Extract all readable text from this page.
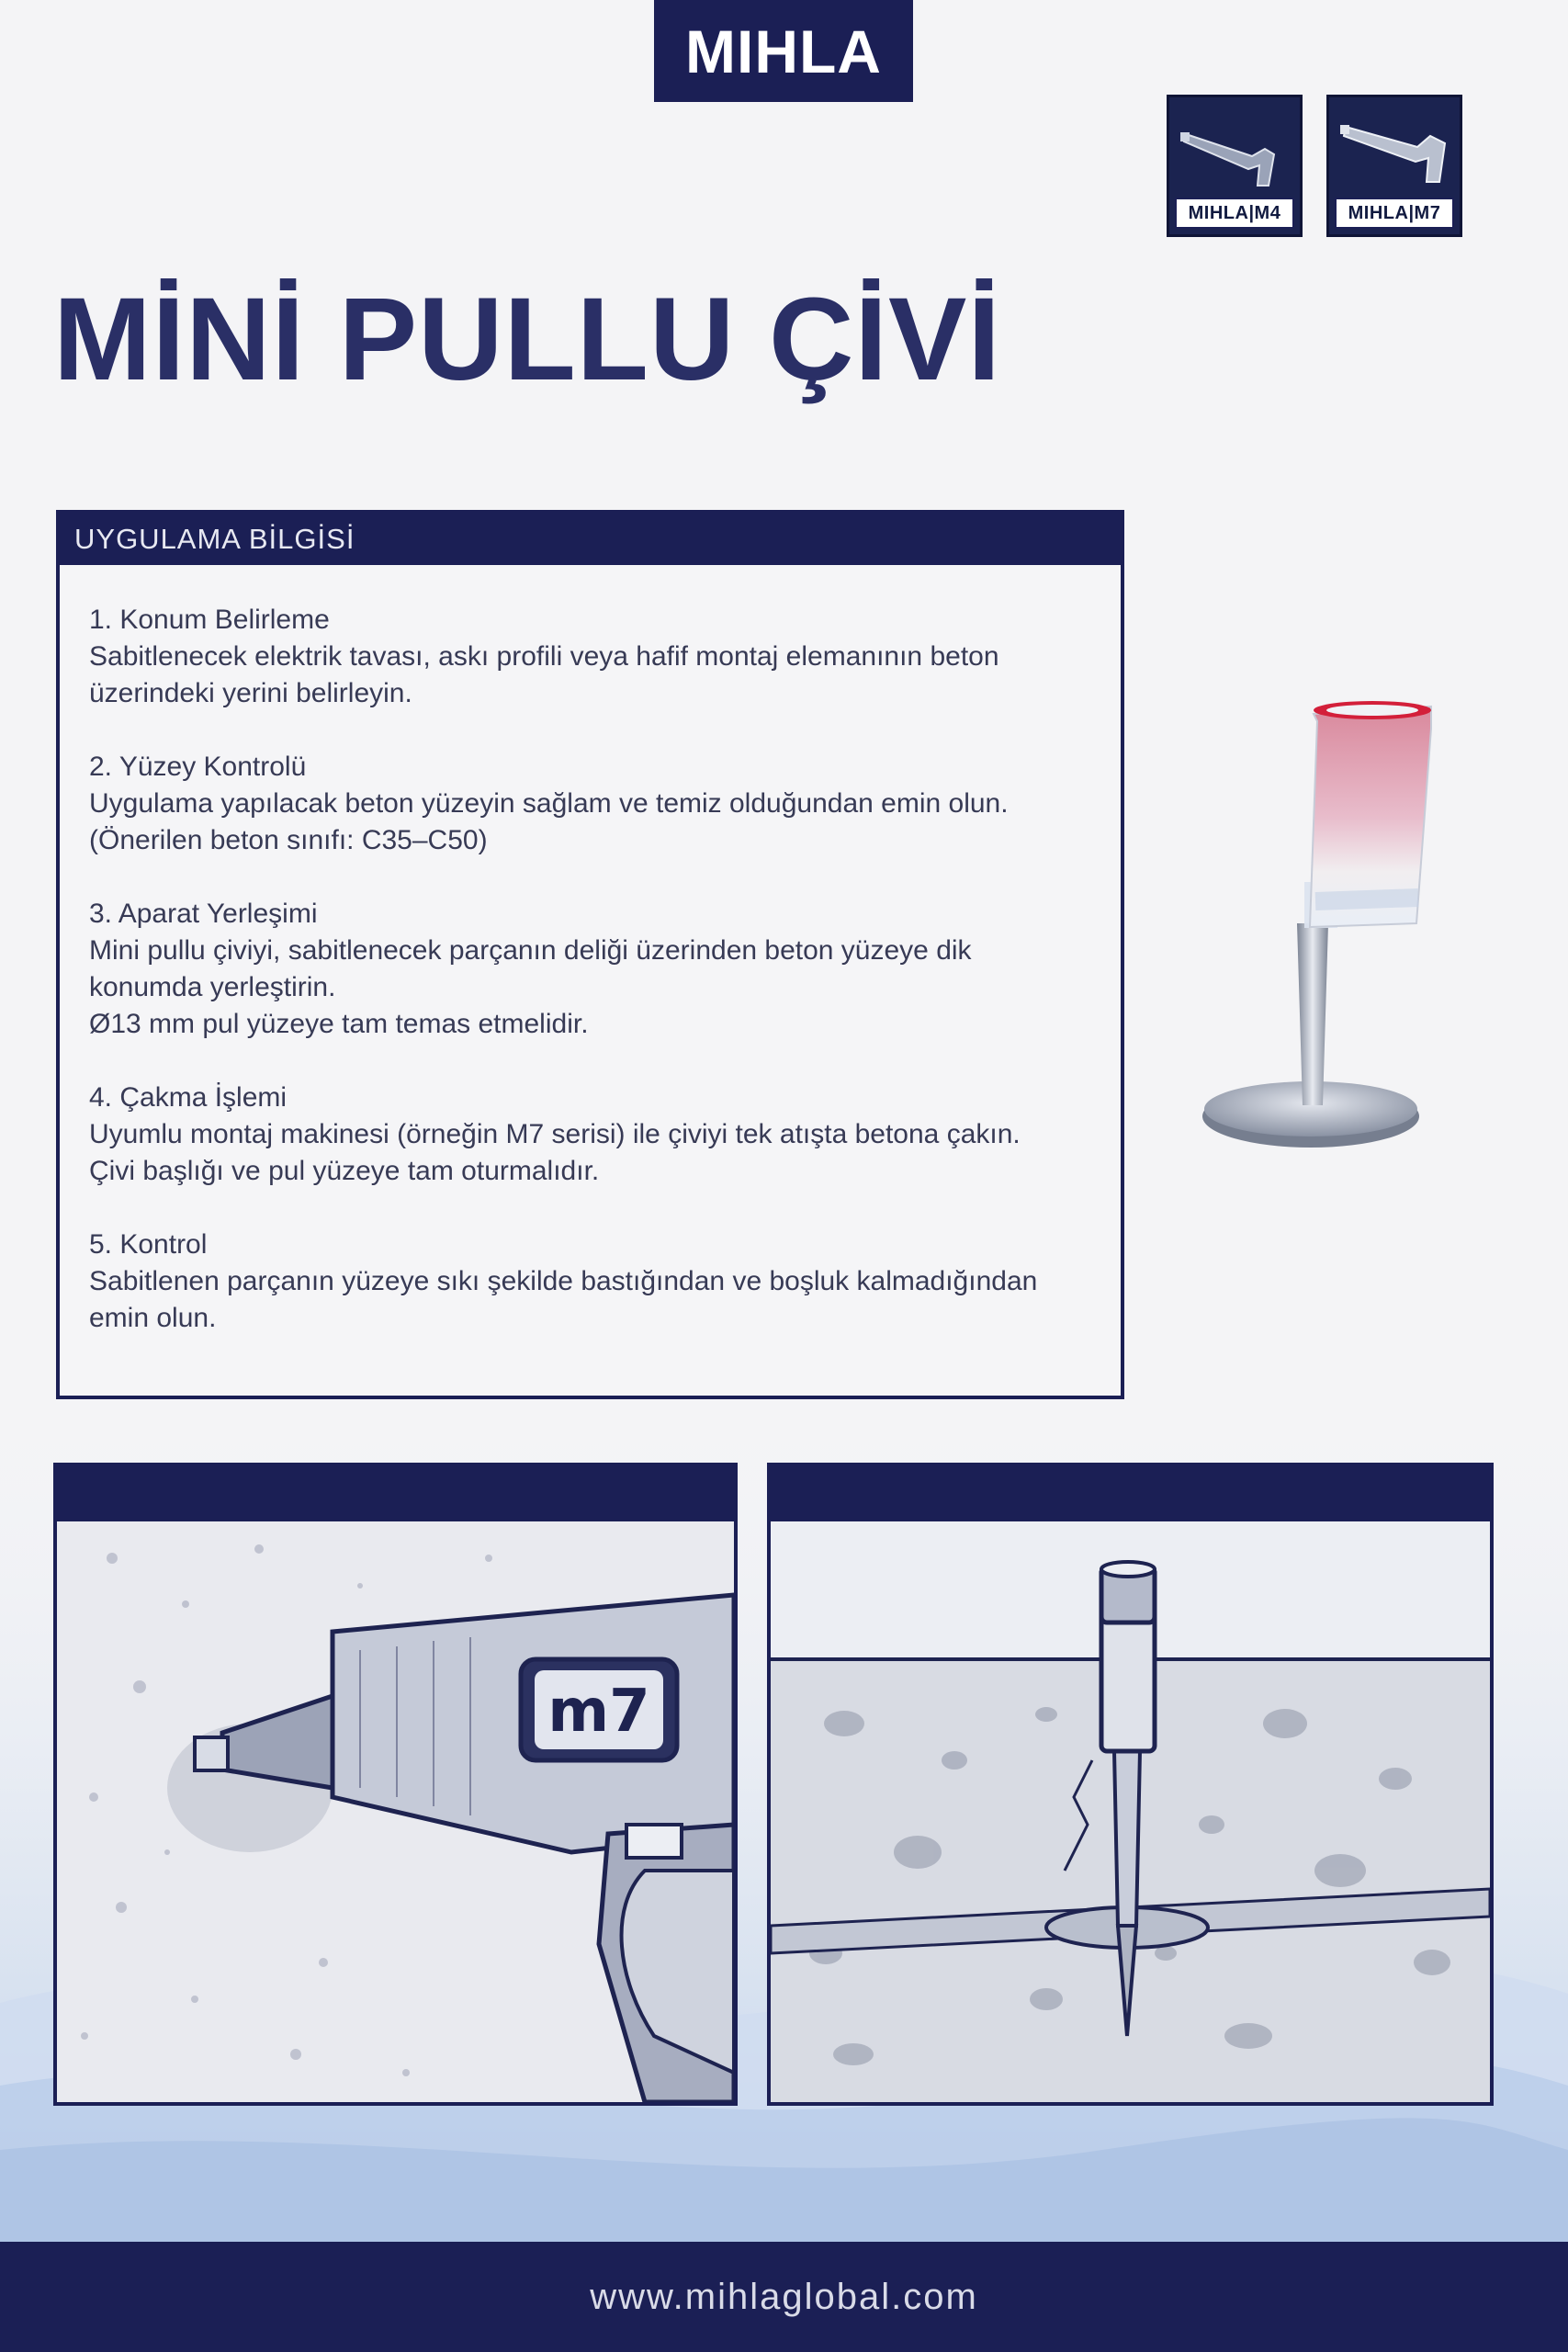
MIHLA
MIHLA|M4	MIHLA|M7
MİNİ PULLU ÇİVİ
UYGULAMA BİLGİSİ
1. Konum Belirleme
Sabitlenecek elektrik tavası, askı profili veya hafif montaj elemanının beton
üzerindeki yerini belirleyin.
2. Yüzey Kontrolü
Uygulama yapılacak beton yüzeyin sağlam ve temiz olduğundan emin olun.
(Önerilen beton sınıfı: C35–C50)
3. Aparat Yerleşimi
Mini pullu çiviyi, sabitlenecek parçanın deliği üzerinden beton yüzeye dik
konumda yerleştirin.
Ø13 mm pul yüzeye tam temas etmelidir.
4. Çakma İşlemi
Uyumlu montaj makinesi (örneğin M7 serisi) ile çiviyi tek atışta betona çakın.
Çivi başlığı ve pul yüzeye tam oturmalıdır.
5. Kontrol
Sabitlenen parçanın yüzeye sıkı şekilde bastığından ve boşluk kalmadığından
emin olun.
m7
www.mihlaglobal.com
